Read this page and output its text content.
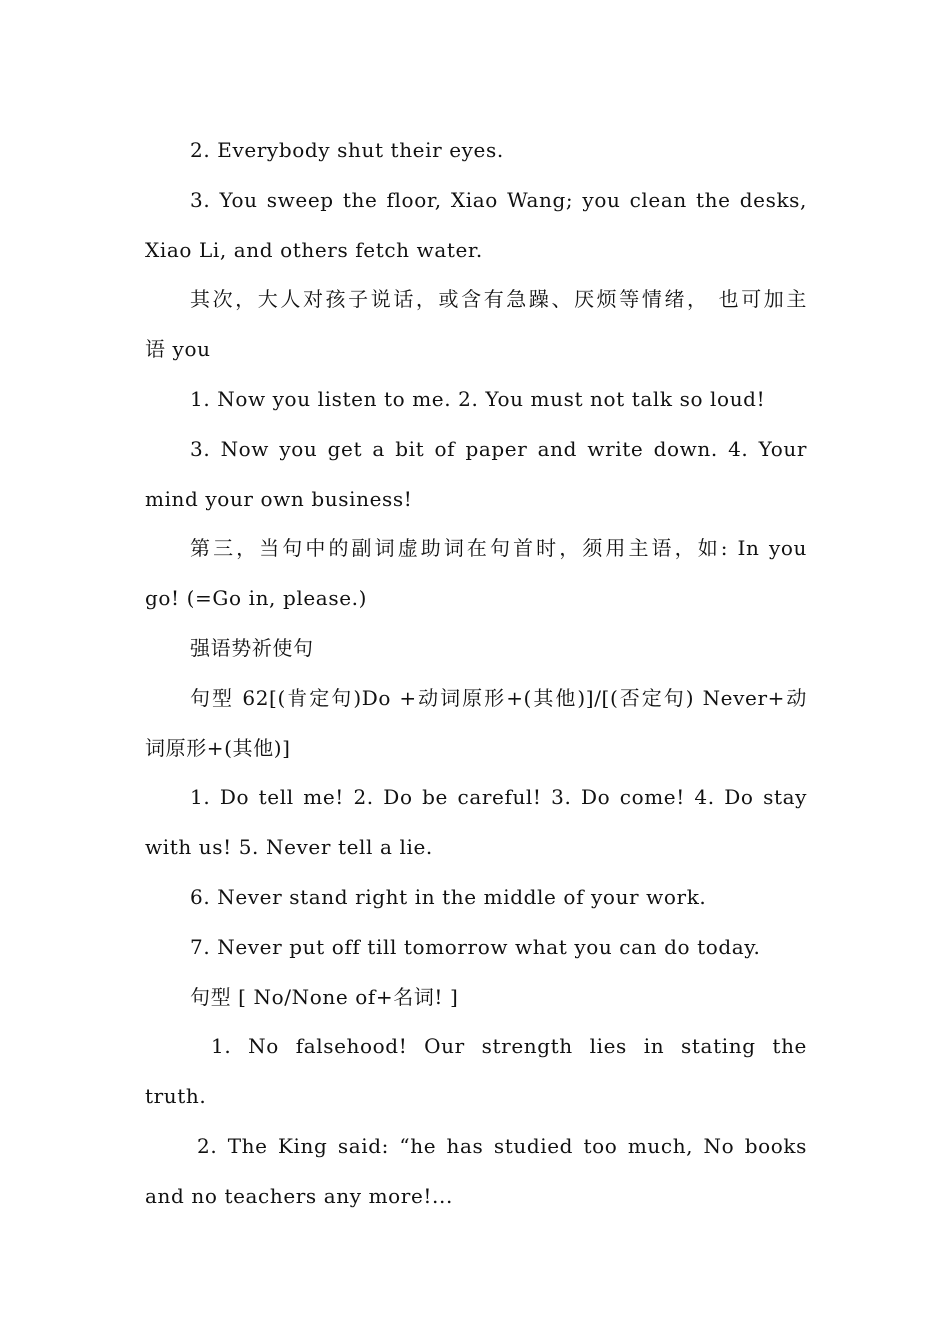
2. Everybody shut their eyes.

3. You sweep the floor, Xiao Wang; you clean the desks,
Xiao Li, and others fetch water.

其次，大人对孩子说话，或含有急躁、厌烦等情绪， 也可加主
语 you

1. Now you listen to me. 2. You must not talk so loud!

3. Now you get a bit of paper and write down. 4. Your
mind your own business!

第三，当句中的副词虚助词在句首时，须用主语，如: In you
go! (=Go in, please.)

强语势祈使句

句型 62[(肯定句)Do +动词原形+(其他)]/[(否定句) Never+动
词原形+(其他)]

1. Do tell me! 2. Do be careful! 3. Do come! 4. Do stay
with us! 5. Never tell a lie.

6. Never stand right in the middle of your work.

7. Never put off till tomorrow what you can do today.

句型 [ No/None of+名词! ]

1. No falsehood! Our strength lies in stating the
truth.

2. The King said: “he has studied too much, No books
and no teachers any more!...
